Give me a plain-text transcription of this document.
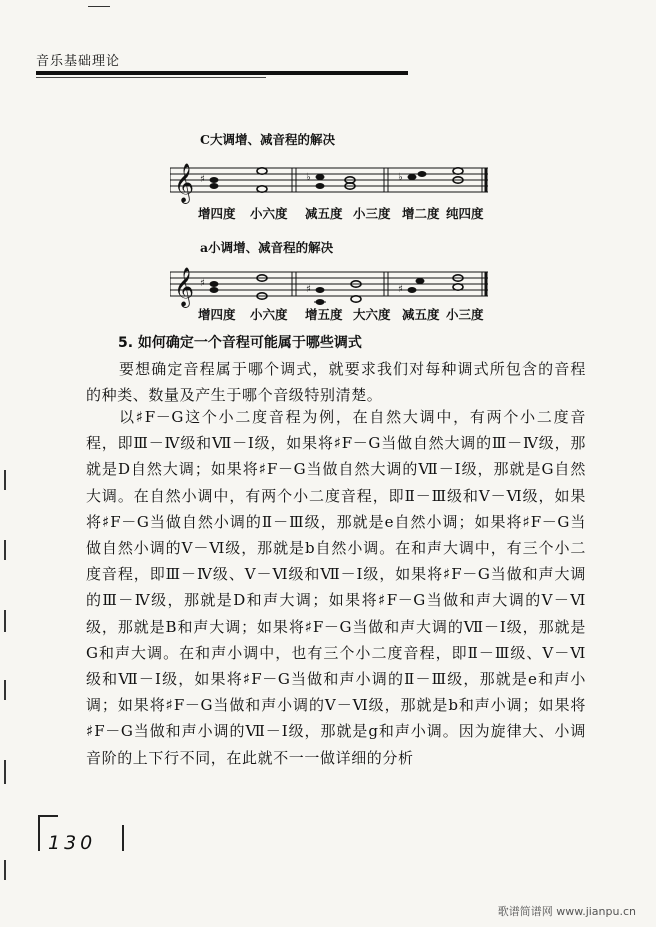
音乐基础理论
C大调增、减音程的解决
𝄞 ♯	♭	♭
增四度 小六度 减五度 小三度 增二度 纯四度
a小调增、减音程的解决
𝄞 ♯
♯	♯
增四度 小六度 增五度 大六度 减五度 小三度
5. 如何确定一个音程可能属于哪些调式
要想确定音程属于哪个调式，就要求我们对每种调式所包含的音程的种类、数量及产生于哪个音级特别清楚。
以♯F－G这个小二度音程为例，在自然大调中，有两个小二度音程，即Ⅲ－Ⅳ级和Ⅶ－Ⅰ级，如果将♯F－G当做自然大调的Ⅲ－Ⅳ级，那就是D自然大调；如果将♯F－G当做自然大调的Ⅶ－Ⅰ级，那就是G自然大调。在自然小调中，有两个小二度音程，即Ⅱ－Ⅲ级和Ⅴ－Ⅵ级，如果将♯F－G当做自然小调的Ⅱ－Ⅲ级，那就是e自然小调；如果将♯F－G当做自然小调的Ⅴ－Ⅵ级，那就是b自然小调。在和声大调中，有三个小二度音程，即Ⅲ－Ⅳ级、Ⅴ－Ⅵ级和Ⅶ－Ⅰ级，如果将♯F－G当做和声大调的Ⅲ－Ⅳ级，那就是D和声大调；如果将♯F－G当做和声大调的Ⅴ－Ⅵ级，那就是B和声大调；如果将♯F－G当做和声大调的Ⅶ－Ⅰ级，那就是G和声大调。在和声小调中，也有三个小二度音程，即Ⅱ－Ⅲ级、Ⅴ－Ⅵ级和Ⅶ－Ⅰ级，如果将♯F－G当做和声小调的Ⅱ－Ⅲ级，那就是e和声小调；如果将♯F－G当做和声小调的Ⅴ－Ⅵ级，那就是b和声小调；如果将♯F－G当做和声小调的Ⅶ－Ⅰ级，那就是g和声小调。因为旋律大、小调音阶的上下行不同，在此就不一一做详细的分析
130
歌谱简谱网 www.jianpu.cn
